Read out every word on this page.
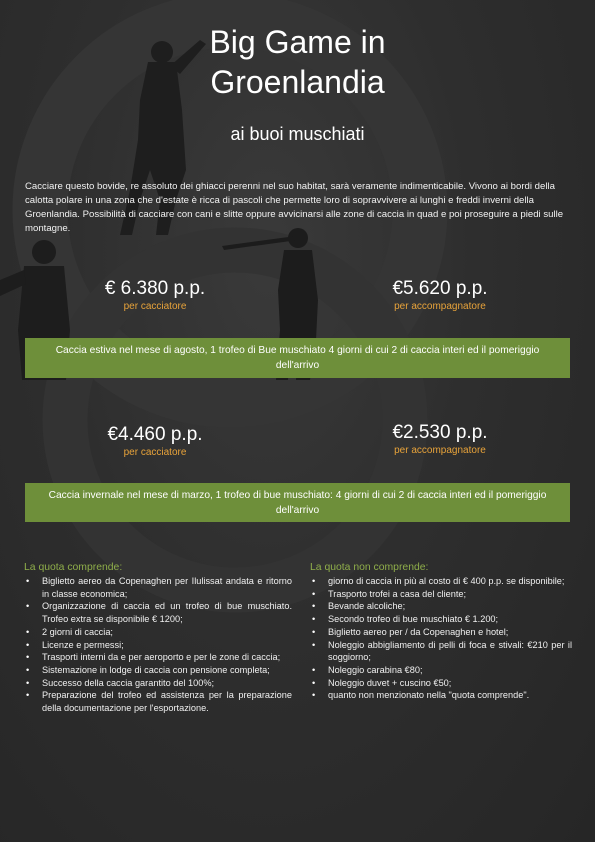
Big Game in
Groenlandia
ai buoi muschiati

Cacciare questo bovide, re assoluto dei ghiacci perenni nel suo habitat, sarà veramente indimenticabile. Vivono ai bordi della calotta polare in una zona che d'estate è ricca di pascoli che permette loro di sopravvivere ai lunghi e freddi inverni della Groenlandia. Possibilità di cacciare con cani e slitte oppure avvicinarsi alle zone di caccia in quad e poi proseguire a piedi sulle montagne.

€ 6.380 p.p.
per cacciatore
€5.620 p.p.
per accompagnatore
Caccia estiva nel mese di agosto, 1 trofeo di Bue muschiato 4 giorni di cui 2 di caccia interi ed il pomeriggio dell'arrivo
€4.460 p.p.
per cacciatore
€2.530 p.p.
per accompagnatore
Caccia invernale nel mese di marzo, 1 trofeo di bue muschiato: 4 giorni di cui 2 di caccia interi ed il pomeriggio dell'arrivo
La quota comprende:
• Biglietto aereo da Copenaghen per Ilulissat andata e ritorno in classe economica;
• Organizzazione di caccia ed un trofeo di bue muschiato. Trofeo extra se disponibile € 1200;
• 2 giorni di caccia;
• Licenze e permessi;
• Trasporti interni da e per aeroporto e per le zone di caccia;
• Sistemazione in lodge di caccia con pensione completa;
• Successo della caccia garantito del 100%;
• Preparazione del trofeo ed assistenza per la preparazione della documentazione per l'esportazione.
La quota non comprende:
• giorno di caccia in più al costo di € 400 p.p. se disponibile;
• Trasporto trofei a casa del cliente;
• Bevande alcoliche;
• Secondo trofeo di bue muschiato € 1.200;
• Biglietto aereo per / da Copenaghen e hotel;
• Noleggio abbigliamento di pelli di foca e stivali: €210 per il soggiorno;
• Noleggio carabina €80;
• Noleggio duvet + cuscino €50;
• quanto non menzionato nella "quota comprende".
